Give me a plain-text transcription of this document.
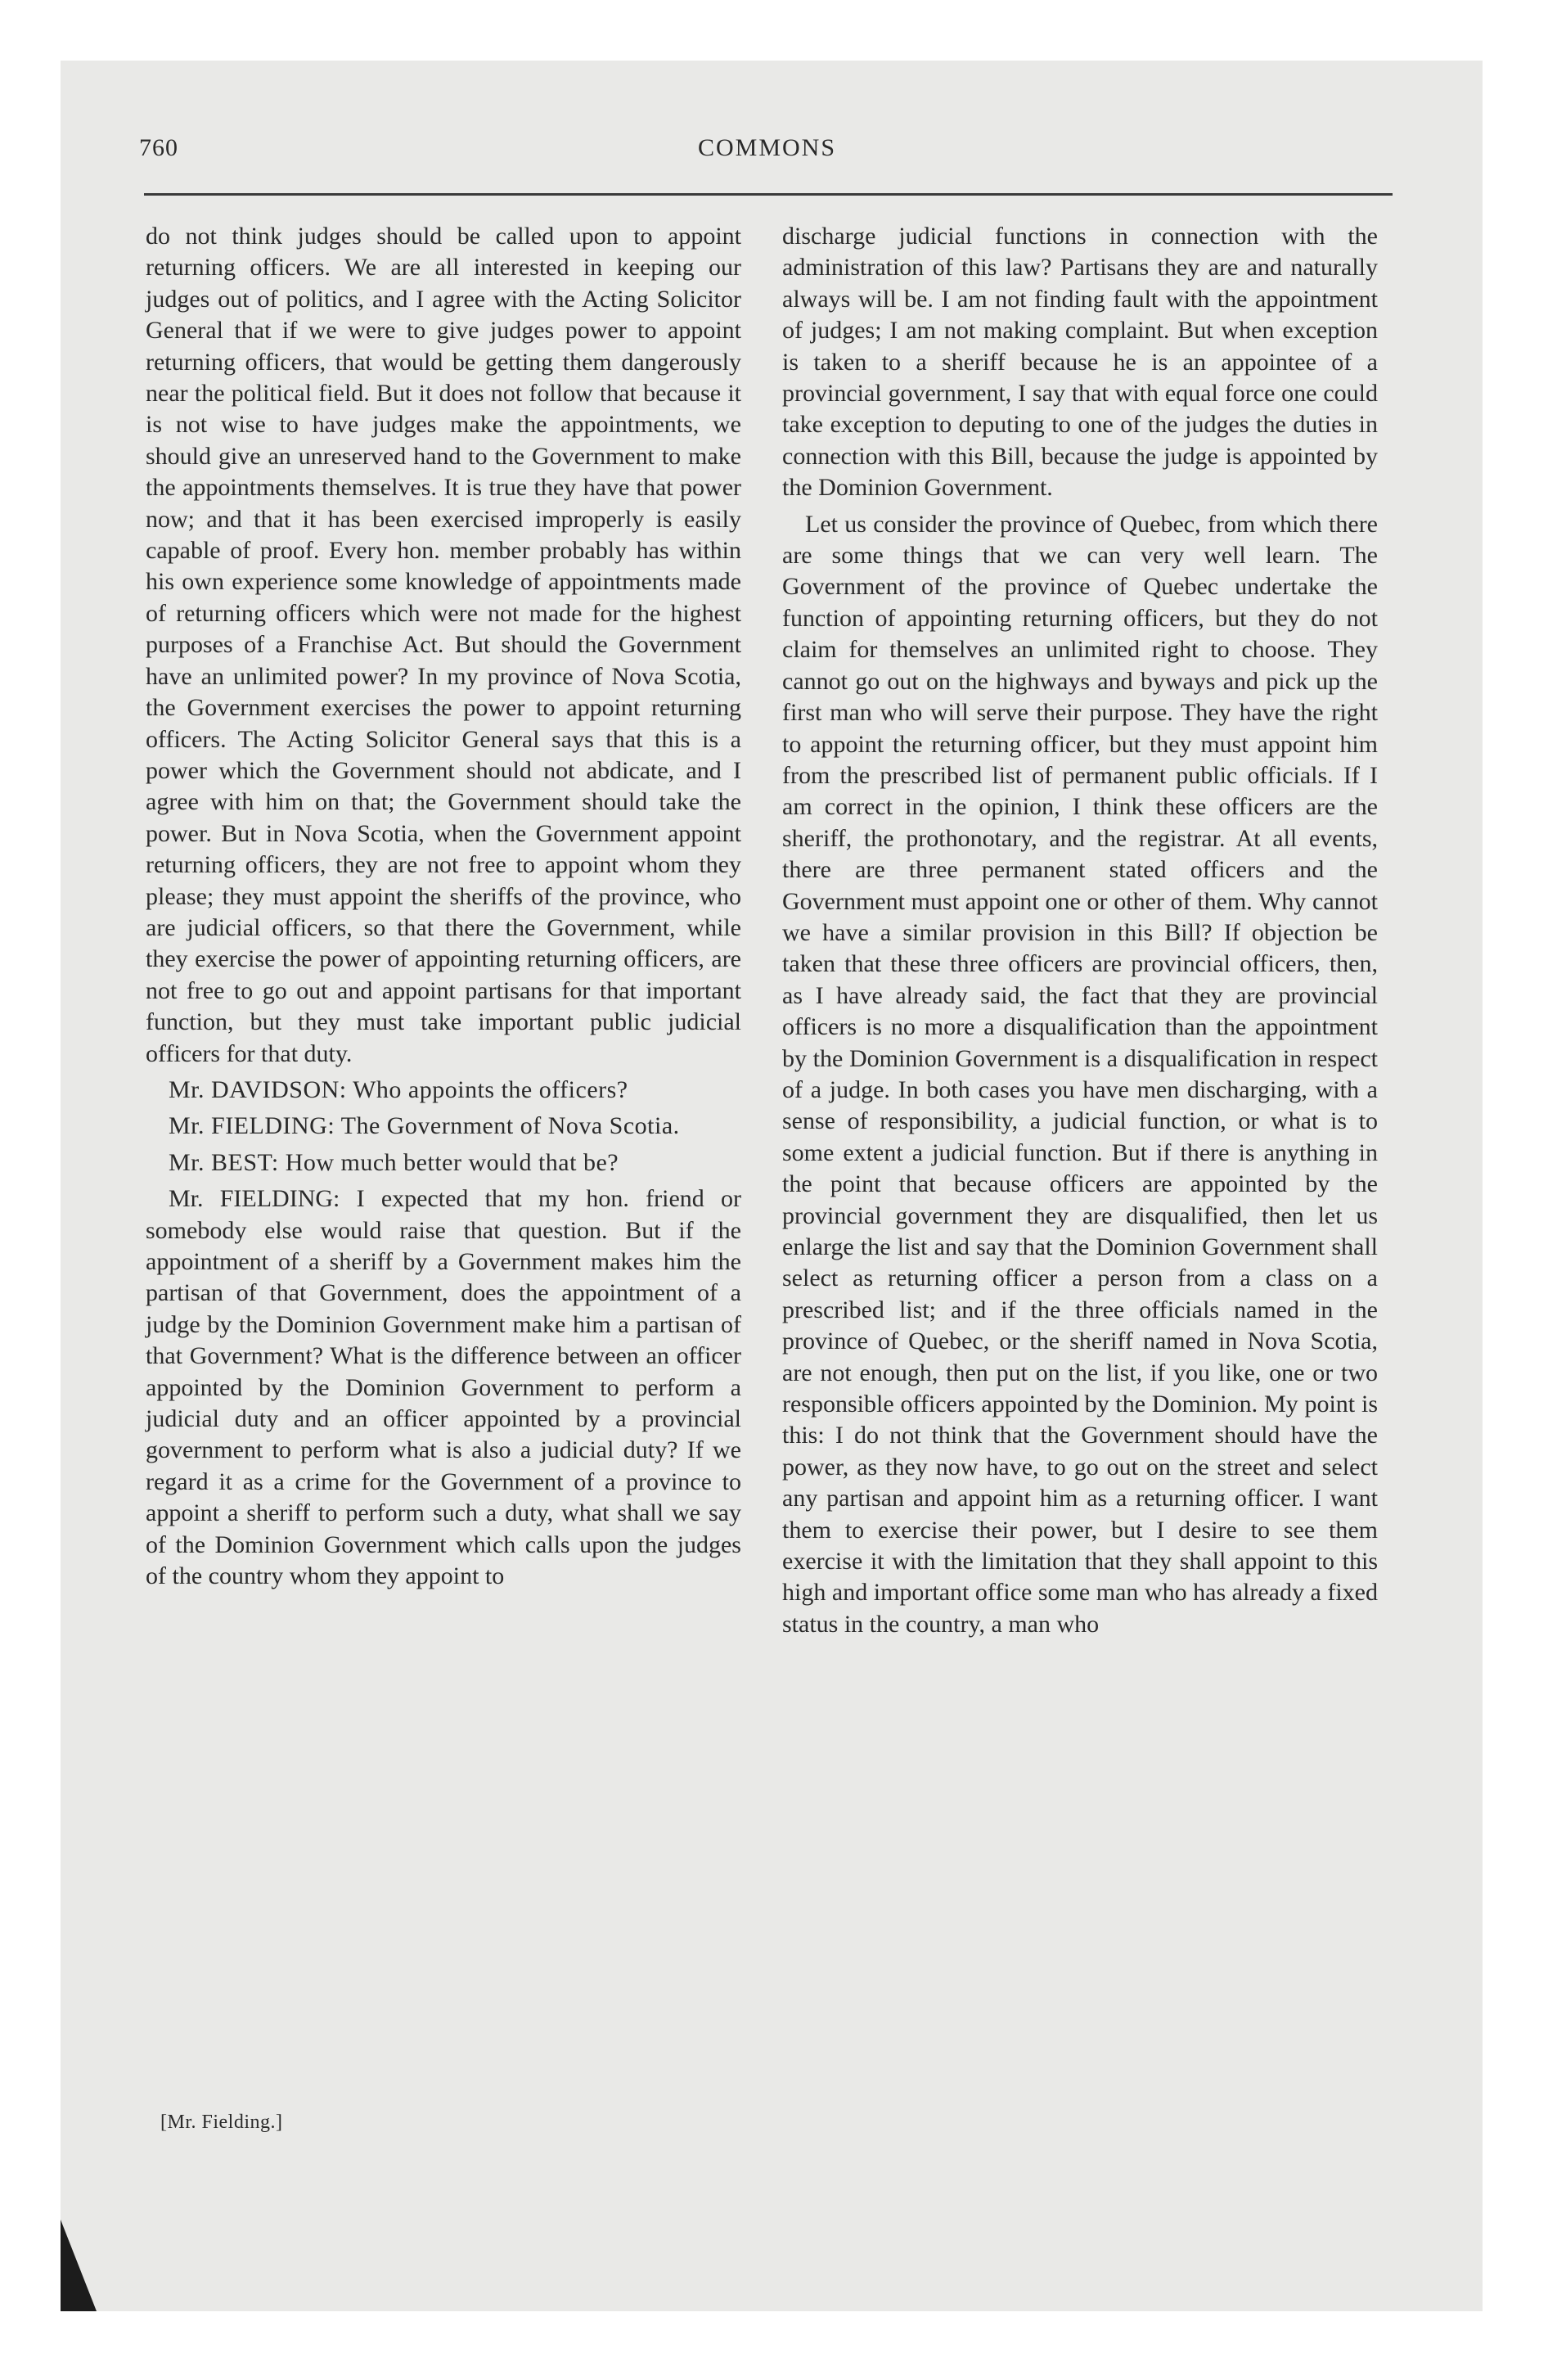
760	COMMONS

do not think judges should be called upon to appoint returning officers. We are all interested in keeping our judges out of politics, and I agree with the Acting Solicitor General that if we were to give judges power to appoint returning officers, that would be getting them dangerously near the political field. But it does not follow that because it is not wise to have judges make the appointments, we should give an unreserved hand to the Government to make the appointments themselves. It is true they have that power now; and that it has been exercised improperly is easily capable of proof. Every hon. member probably has within his own experience some knowledge of appointments made of returning officers which were not made for the highest purposes of a Franchise Act. But should the Government have an unlimited power? In my province of Nova Scotia, the Government exercises the power to appoint returning officers. The Acting Solicitor General says that this is a power which the Government should not abdicate, and I agree with him on that; the Government should take the power. But in Nova Scotia, when the Government appoint returning officers, they are not free to appoint whom they please; they must appoint the sheriffs of the province, who are judicial officers, so that there the Government, while they exercise the power of appointing returning officers, are not free to go out and appoint partisans for that important function, but they must take important public judicial officers for that duty.

Mr. DAVIDSON: Who appoints the officers?

Mr. FIELDING: The Government of Nova Scotia.

Mr. BEST: How much better would that be?

Mr. FIELDING: I expected that my hon. friend or somebody else would raise that question. But if the appointment of a sheriff by a Government makes him the partisan of that Government, does the appointment of a judge by the Dominion Government make him a partisan of that Government? What is the difference between an officer appointed by the Dominion Government to perform a judicial duty and an officer appointed by a provincial government to perform what is also a judicial duty? If we regard it as a crime for the Government of a province to appoint a sheriff to perform such a duty, what shall we say of the Dominion Government which calls upon the judges of the country whom they appoint to

discharge judicial functions in connection with the administration of this law? Partisans they are and naturally always will be. I am not finding fault with the appointment of judges; I am not making complaint. But when exception is taken to a sheriff because he is an appointee of a provincial government, I say that with equal force one could take exception to deputing to one of the judges the duties in connection with this Bill, because the judge is appointed by the Dominion Government.

Let us consider the province of Quebec, from which there are some things that we can very well learn. The Government of the province of Quebec undertake the function of appointing returning officers, but they do not claim for themselves an unlimited right to choose. They cannot go out on the highways and byways and pick up the first man who will serve their purpose. They have the right to appoint the returning officer, but they must appoint him from the prescribed list of permanent public officials. If I am correct in the opinion, I think these officers are the sheriff, the prothonotary, and the registrar. At all events, there are three permanent stated officers and the Government must appoint one or other of them. Why cannot we have a similar provision in this Bill? If objection be taken that these three officers are provincial officers, then, as I have already said, the fact that they are provincial officers is no more a disqualification than the appointment by the Dominion Government is a disqualification in respect of a judge. In both cases you have men discharging, with a sense of responsibility, a judicial function, or what is to some extent a judicial function. But if there is anything in the point that because officers are appointed by the provincial government they are disqualified, then let us enlarge the list and say that the Dominion Government shall select as returning officer a person from a class on a prescribed list; and if the three officials named in the province of Quebec, or the sheriff named in Nova Scotia, are not enough, then put on the list, if you like, one or two responsible officers appointed by the Dominion. My point is this: I do not think that the Government should have the power, as they now have, to go out on the street and select any partisan and appoint him as a returning officer. I want them to exercise their power, but I desire to see them exercise it with the limitation that they shall appoint to this high and important office some man who has already a fixed status in the country, a man who

[Mr. Fielding.]
